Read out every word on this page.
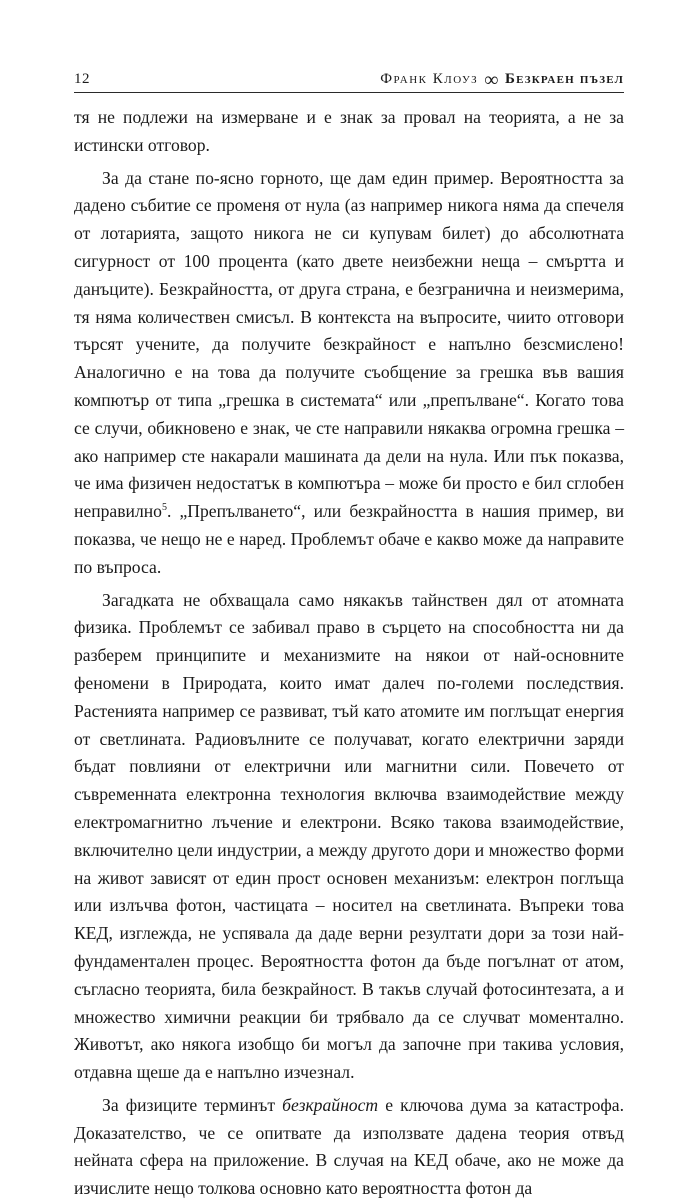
12	Франк Клоуз ∞ Безкраен пъзел

тя не подлежи на измерване и е знак за провал на теорията, а не за истински отговор.

За да стане по-ясно горното, ще дам един пример. Вероятността за дадено събитие се променя от нула (аз например никога няма да спечеля от лотарията, защото никога не си купувам билет) до абсолютната сигурност от 100 процента (като двете неизбежни неща – смъртта и данъците). Безкрайността, от друга страна, е безгранична и неизмерима, тя няма количествен смисъл. В контекста на въпросите, чиито отговори търсят учените, да получите безкрайност е напълно безсмислено! Аналогично е на това да получите съобщение за грешка във вашия компютър от типа „грешка в системата“ или „препълване“. Когато това се случи, обикновено е знак, че сте направили някаква огромна грешка – ако например сте накарали машината да дели на нула. Или пък показва, че има физичен недостатък в компютъра – може би просто е бил сглобен неправилно$^5$. „Препълването“, или безкрайността в нашия пример, ви показва, че нещо не е наред. Проблемът обаче е какво може да направите по въпроса.

Загадката не обхващала само някакъв тайнствен дял от атомната физика. Проблемът се забивал право в сърцето на способността ни да разберем принципите и механизмите на някои от най-основните феномени в Природата, които имат далеч по-големи последствия. Растенията например се развиват, тъй като атомите им поглъщат енергия от светлината. Радиовълните се получават, когато електрични заряди бъдат повлияни от електрични или магнитни сили. Повечето от съвременната електронна технология включва взаимодействие между електромагнитно лъчение и електрони. Всяко такова взаимодействие, включително цели индустрии, а между другото дори и множество форми на живот зависят от един прост основен механизъм: електрон поглъща или излъчва фотон, частицата – носител на светлината. Въпреки това КЕД, изглежда, не успявала да даде верни резултати дори за този най-фундаментален процес. Вероятността фотон да бъде погълнат от атом, съгласно теорията, била безкрайност. В такъв случай фотосинтезата, а и множество химични реакции би трябвало да се случват моментално. Животът, ако някога изобщо би могъл да започне при такива условия, отдавна щеше да е напълно изчезнал.

За физиците терминът безкрайност е ключова дума за катастрофа. Доказателство, че се опитвате да използвате дадена теория отвъд нейната сфера на приложение. В случая на КЕД обаче, ако не може да изчислите нещо толкова основно като вероятността фотон да
